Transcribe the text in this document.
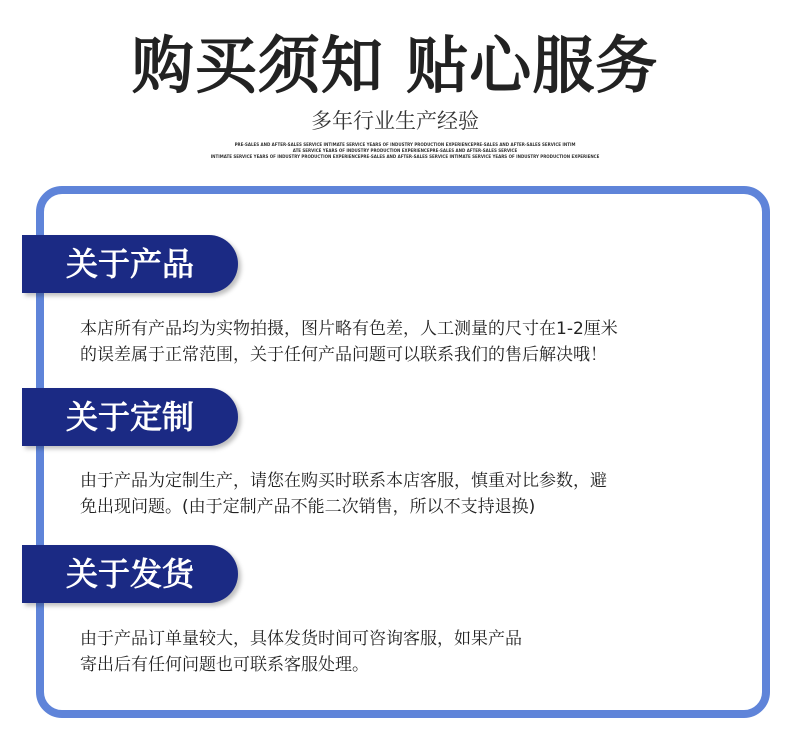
购买须知 贴心服务
多年行业生产经验
PRE-SALES AND AFTER-SALES SERVICE INTIMATE SERVICE YEARS OF INDUSTRY PRODUCTION EXPERIENCEPRE-SALES AND AFTER-SALES SERVICE INTIM
ATE SERVICE YEARS OF INDUSTRY PRODUCTION EXPERIENCEPRE-SALES AND AFTER-SALES SERVICE
INTIMATE SERVICE YEARS OF INDUSTRY PRODUCTION EXPERIENCEPRE-SALES AND AFTER-SALES SERVICE INTIMATE SERVICE YEARS OF INDUSTRY PRODUCTION EXPERIENCE
关于产品
本店所有产品均为实物拍摄，图片略有色差，人工测量的尺寸在1-2厘米
的误差属于正常范围，关于任何产品问题可以联系我们的售后解决哦！
关于定制
由于产品为定制生产，请您在购买时联系本店客服，慎重对比参数，避
免出现问题。(由于定制产品不能二次销售，所以不支持退换)
关于发货
由于产品订单量较大，具体发货时间可咨询客服，如果产品
寄出后有任何问题也可联系客服处理。
